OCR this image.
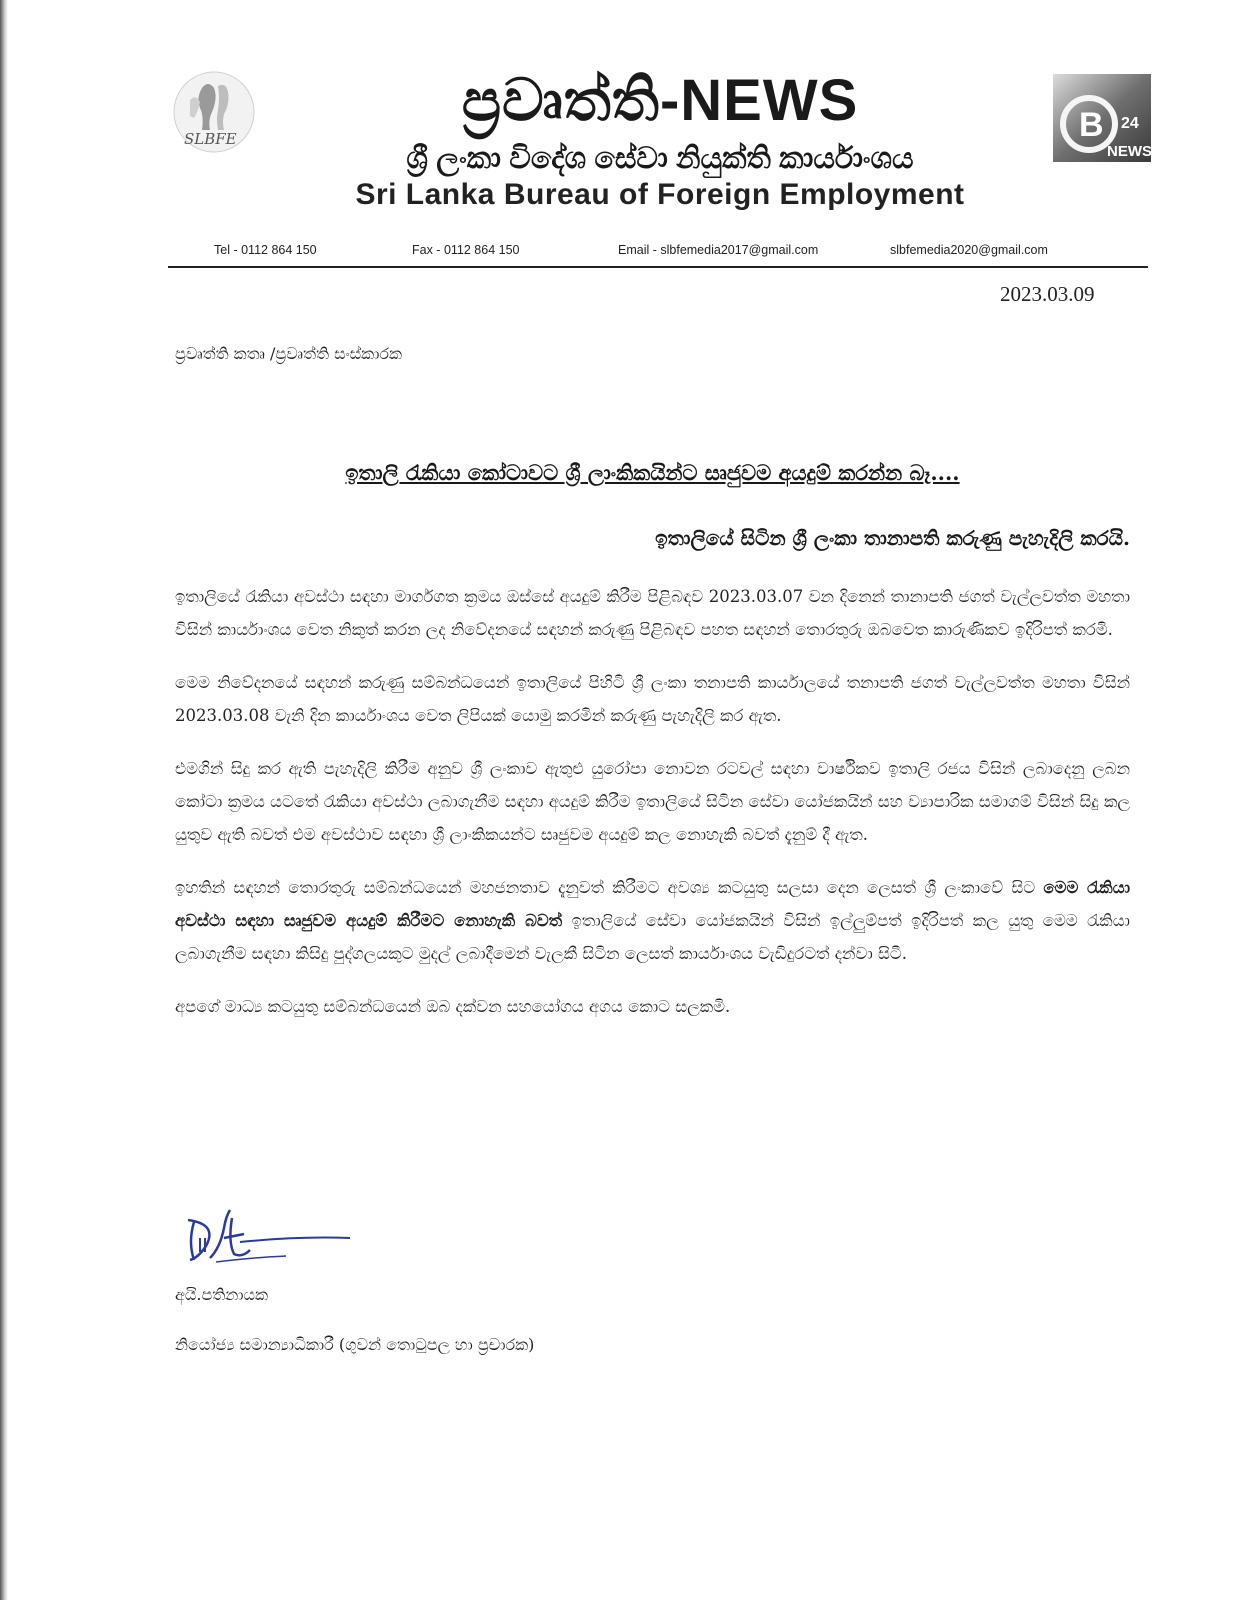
SLBFE
ප්‍රවෘත්ති-NEWS
ශ්‍රී ලංකා විදේශ සේවා නියුක්ති කාර්යාංශය
Sri Lanka Bureau of Foreign Employment
B 24
NEWS
Tel - 0112 864 150	Fax - 0112 864 150	Email - slbfemedia2017@gmail.com	slbfemedia2020@gmail.com
2023.03.09
ප්‍රවෘත්ති කතෘ /ප්‍රවෘත්ති සංස්කාරක
ඉතාලි රැකියා කෝටාවට ශ්‍රී ලාංකිකයින්ට සෘජුවම අයදුම් කරන්න බෑ....
ඉතාලියේ සිටින ශ්‍රී ලංකා තානාපති කරුණු පැහැදිලි කරයි.

ඉතාලියේ රැකියා අවස්ථා සඳහා මාර්ගගත ක්‍රමය ඔස්සේ අයදුම් කිරීම පිළිබඳව 2023.03.07 වන දිනෙන් තානාපති ජගත් වැල්ලවත්ත මහතා විසින් කාර්යාංශය වෙත නිකුත් කරන ලද නිවේදනයේ සඳහන් කරුණු පිළිබඳව පහත සඳහන් තොරතුරු ඔබවෙත කාරුණිකව ඉදිරිපත් කරමි.

මෙම නිවේදනයේ සඳහන් කරුණු සම්බන්ධයෙන් ඉතාලියේ පිහිටි ශ්‍රී ලංකා තනාපති කාර්යාලයේ තනාපති ජගත් වැල්ලවත්ත මහතා විසින් 2023.03.08 වැනි දින කාර්යාංශය වෙත ලිපියක් යොමු කරමින් කරුණු පැහැදිලි කර ඇත.

එමගින් සිදු කර ඇති පැහැදිලි කිරීම අනුව ශ්‍රී ලංකාව ඇතුළු යුරෝපා නොවන රටවල් සඳහා වාර්ෂිකව ඉතාලි රජය විසින් ලබාදෙනු ලබන කෝටා ක්‍රමය යටතේ රැකියා අවස්ථා ලබාගැනීම සඳහා අයදුම් කිරීම ඉතාලියේ සිටින සේවා යෝජකයින් සහ ව්‍යාපාරික සමාගම් විසින් සිදු කල යුතුව ඇති බවත් එම අවස්ථාව සඳහා ශ්‍රී ලාංකිකයන්ට සෘජුවම අයදුම් කල නොහැකි බවත් දැනුම් දී ඇත.

ඉහතින් සඳහන් තොරතුරු සම්බන්ධයෙන් මහජනතාව දැනුවත් කිරීමට අවශ්‍ය කටයුතු සලසා දෙන ලෙසත් ශ්‍රී ලංකාවේ සිට මෙම රැකියා අවස්ථා සඳහා සෘජුවම අයදුම් කිරීමට නොහැකි බවත් ඉතාලියේ සේවා යෝජකයින් විසින් ඉල්ලුම්පත් ඉදිරිපත් කල යුතු මෙම රැකියා ලබාගැනීම සඳහා කිසිදු පුද්ගලයකුට මුදල් ලබාදීමෙන් වැලකී සිටින ලෙසත් කාර්යාංශය වැඩිදුරටත් දන්වා සිටී.

අපගේ මාධ්‍ය කටයුතු සම්බන්ධයෙන් ඔබ දක්වන සහයෝගය අගය කොට සලකමි.

අයි.පතිනායක
නියෝජ්‍ය සමාන්‍යාධිකාරී (ගුවන් තොටුපල හා ප්‍රචාරක)
